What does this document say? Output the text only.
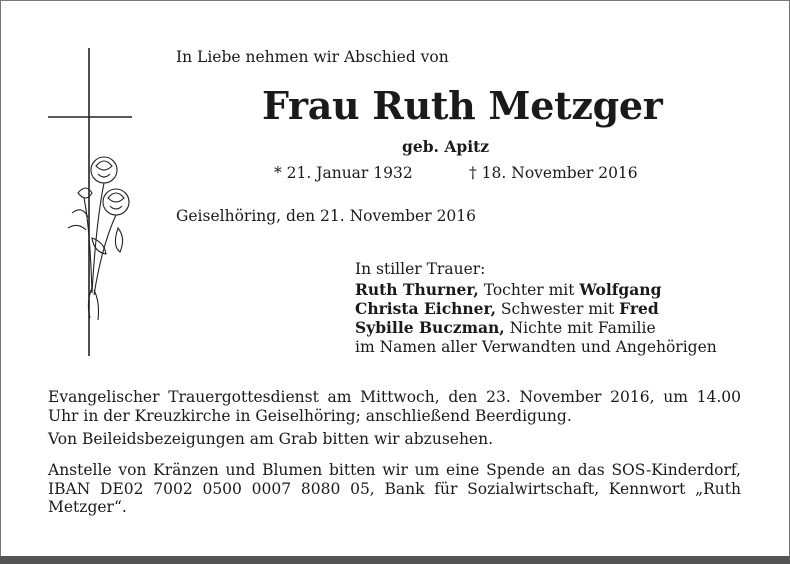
In Liebe nehmen wir Abschied von
Frau Ruth Metzger
geb. Apitz
* 21. Januar 1932	† 18. November 2016
Geiselhöring, den 21. November 2016
In stiller Trauer:
Ruth Thurner, Tochter mit Wolfgang
Christa Eichner, Schwester mit Fred
Sybille Buczman, Nichte mit Familie
im Namen aller Verwandten und Angehörigen
Evangelischer Trauergottesdienst am Mittwoch, den 23. November 2016, um 14.00 Uhr in der Kreuzkirche in Geiselhöring; anschließend Beerdigung.
Von Beileidsbezeigungen am Grab bitten wir abzusehen.
Anstelle von Kränzen und Blumen bitten wir um eine Spende an das SOS-Kinderdorf, IBAN DE02 7002 0500 0007 8080 05, Bank für Sozialwirtschaft, Kennwort „Ruth Metzger“.
